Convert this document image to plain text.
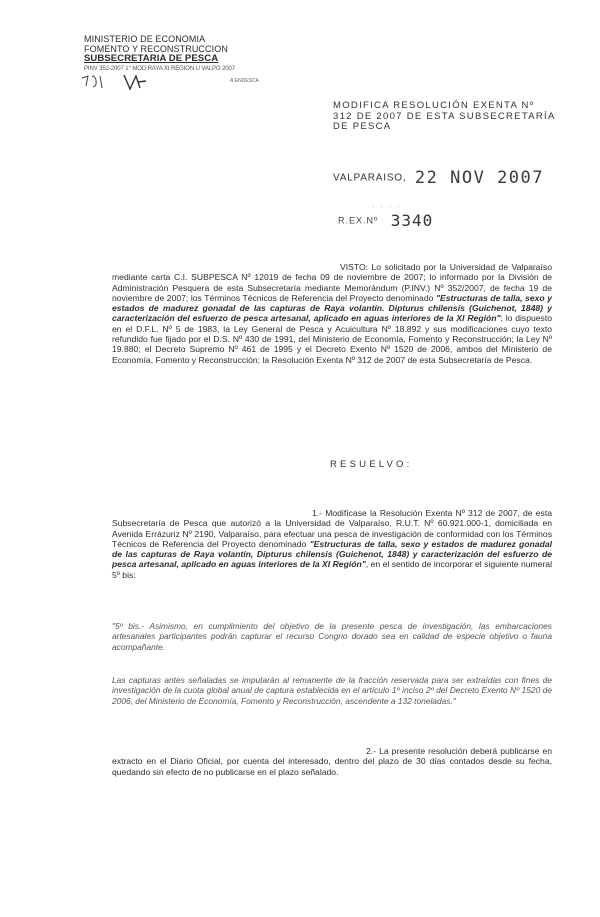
MINISTERIO DE ECONOMIA
FOMENTO Y RECONSTRUCCION
SUBSECRETARIA DE PESCA
PINV 352-2007 1° MOD RAYA XI REGION U VALPO 2007
A.ENDESCA
MODIFICA RESOLUCIÓN EXENTA Nº 312 DE 2007 DE ESTA SUBSECRETARÍA DE PESCA
VALPARAISO, 22 NOV 2007
. . . .
R.EX.Nº 3340
VISTO: Lo solicitado por la Universidad de Valparaíso mediante carta C.I. SUBPESCA Nº 12019 de fecha 09 de noviembre de 2007; lo informado por la División de Administración Pesquera de esta Subsecretaría mediante Memorándum (P.INV.) Nº 352/2007, de fecha 19 de noviembre de 2007; los Términos Técnicos de Referencia del Proyecto denominado "Estructuras de talla, sexo y estados de madurez gonadal de las capturas de Raya volantín. Dipturus chilensis (Guichenot, 1848) y caracterización del esfuerzo de pesca artesanal, aplicado en aguas interiores de la XI Región"; lo dispuesto en el D.F.L. Nº 5 de 1983, la Ley General de Pesca y Acuicultura Nº 18.892 y sus modificaciones cuyo texto refundido fue fijado por el D.S. Nº 430 de 1991, del Ministerio de Economía, Fomento y Reconstrucción; la Ley Nº 19.880; el Decreto Supremo Nº 461 de 1995 y el Decreto Exento Nº 1520 de 2006, ambos del Ministerio de Economía, Fomento y Reconstrucción; la Resolución Exenta Nº 312 de 2007 de esta Subsecretaría de Pesca.
RESUELVO:
1.- Modifícase la Resolución Exenta Nº 312 de 2007, de esta Subsecretaría de Pesca que autorizó a la Universidad de Valparaíso, R.U.T. Nº 60.921.000-1, domiciliada en Avenida Errázuriz Nº 2190, Valparaíso, para efectuar una pesca de investigación de conformidad con los Términos Técnicos de Referencia del Proyecto denominado "Estructuras de talla, sexo y estados de madurez gonadal de las capturas de Raya volantín, Dipturus chilensis (Guichenot, 1848) y caracterización del esfuerzo de pesca artesanal, aplicado en aguas interiores de la XI Región", en el sentido de incorporar el siguiente numeral 5º bis:
"5º bis.- Asimismo, en cumplimiento del objetivo de la presente pesca de investigación, las embarcaciones artesanales participantes podrán capturar el recurso Congrio dorado sea en calidad de especie objetivo o fauna acompañante.
Las capturas antes señaladas se imputarán al remanente de la fracción reservada para ser extraídas con fines de investigación de la cuota global anual de captura establecida en el artículo 1º inciso 2º del Decreto Exento Nº 1520 de 2006, del Ministerio de Economía, Fomento y Reconstrucción, ascendente a 132 toneladas."
2.- La presente resolución deberá publicarse en extracto en el Diario Oficial, por cuenta del interesado, dentro del plazo de 30 días contados desde su fecha, quedando sin efecto de no publicarse en el plazo señalado.
